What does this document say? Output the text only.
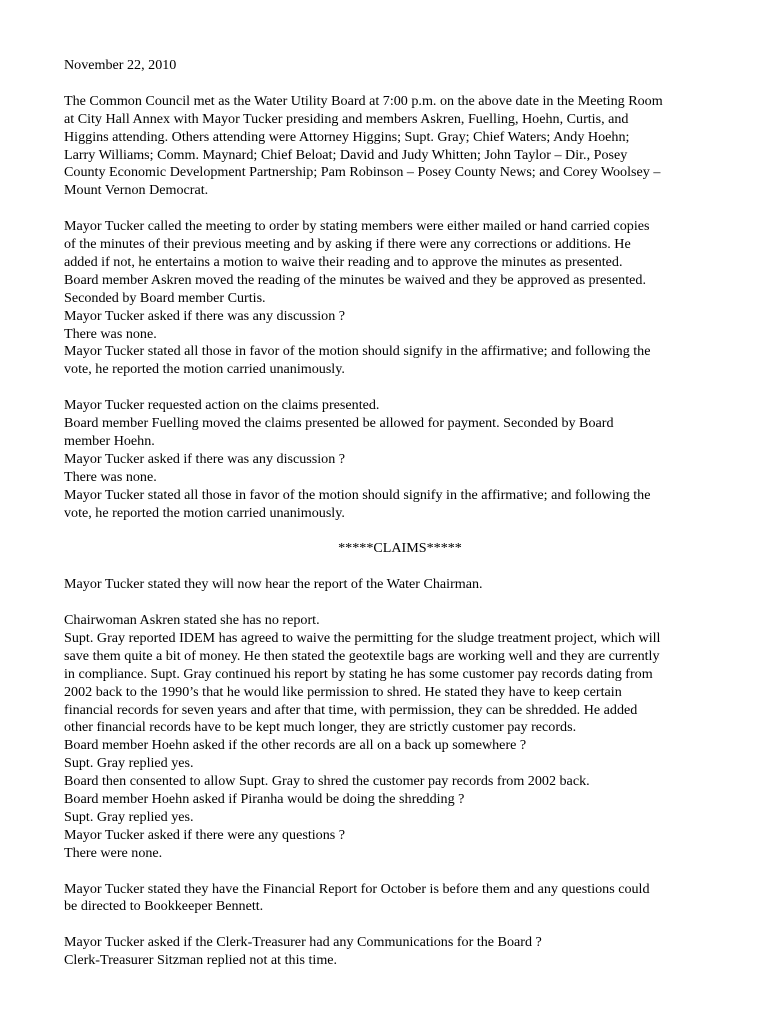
November 22, 2010
The Common Council met as the Water Utility Board at 7:00 p.m. on the above date in the Meeting Room
at City Hall Annex with Mayor Tucker presiding and members Askren, Fuelling, Hoehn, Curtis, and
Higgins attending. Others attending were Attorney Higgins; Supt. Gray; Chief Waters; Andy Hoehn;
Larry Williams; Comm. Maynard; Chief Beloat; David and Judy Whitten; John Taylor – Dir., Posey
County Economic Development Partnership; Pam Robinson – Posey County News; and Corey Woolsey –
Mount Vernon Democrat.
Mayor Tucker called the meeting to order by stating members were either mailed or hand carried copies
of the minutes of their previous meeting and by asking if there were any corrections or additions. He
added if not, he entertains a motion to waive their reading and to approve the minutes as presented.
Board member Askren moved the reading of the minutes be waived and they be approved as presented.
Seconded by Board member Curtis.
Mayor Tucker asked if there was any discussion ?
There was none.
Mayor Tucker stated all those in favor of the motion should signify in the affirmative; and following the
vote, he reported the motion carried unanimously.
Mayor Tucker requested action on the claims presented.
Board member Fuelling moved the claims presented be allowed for payment. Seconded by Board
member Hoehn.
Mayor Tucker asked if there was any discussion ?
There was none.
Mayor Tucker stated all those in favor of the motion should signify in the affirmative; and following the
vote, he reported the motion carried unanimously.
*****CLAIMS*****
Mayor Tucker stated they will now hear the report of the Water Chairman.
Chairwoman Askren stated she has no report.
Supt. Gray reported IDEM has agreed to waive the permitting for the sludge treatment project, which will
save them quite a bit of money. He then stated the geotextile bags are working well and they are currently
in compliance. Supt. Gray continued his report by stating he has some customer pay records dating from
2002 back to the 1990’s that he would like permission to shred. He stated they have to keep certain
financial records for seven years and after that time, with permission, they can be shredded. He added
other financial records have to be kept much longer, they are strictly customer pay records.
Board member Hoehn asked if the other records are all on a back up somewhere ?
Supt. Gray replied yes.
Board then consented to allow Supt. Gray to shred the customer pay records from 2002 back.
Board member Hoehn asked if Piranha would be doing the shredding ?
Supt. Gray replied yes.
Mayor Tucker asked if there were any questions ?
There were none.
Mayor Tucker stated they have the Financial Report for October is before them and any questions could
be directed to Bookkeeper Bennett.
Mayor Tucker asked if the Clerk-Treasurer had any Communications for the Board ?
Clerk-Treasurer Sitzman replied not at this time.
